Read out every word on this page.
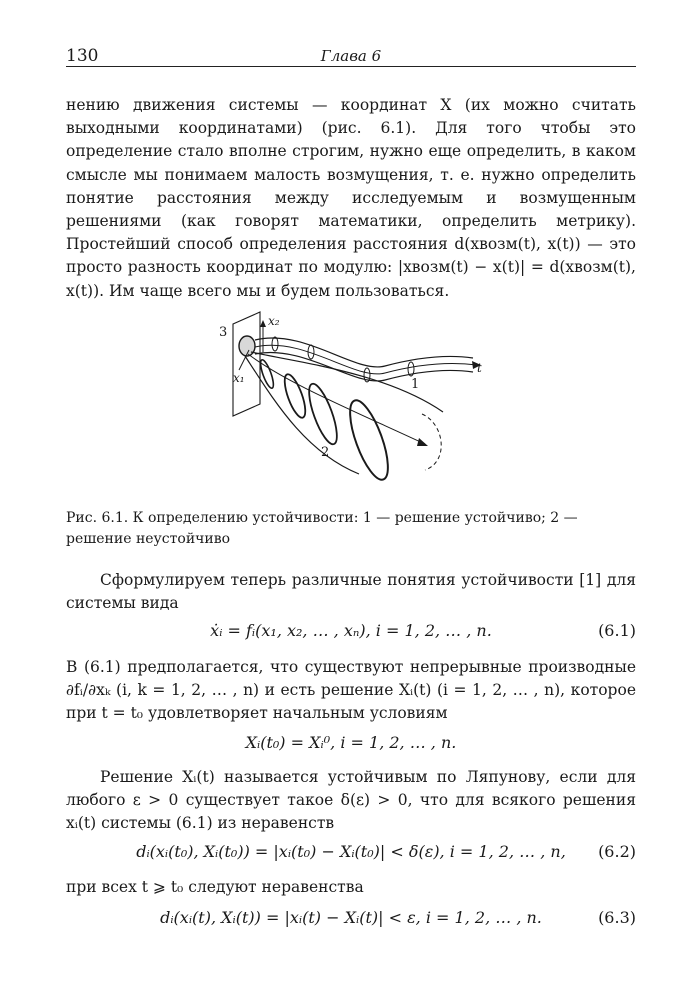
130	Глава 6

нению движения системы — координат X (их можно считать выходными координатами) (рис. 6.1). Для того чтобы это определение стало вполне строгим, нужно еще определить, в каком смысле мы понимаем малость возмущения, т. е. нужно определить понятие расстояния между исследуемым и возмущенным решениями (как говорят математики, определить метрику). Простейший способ определения расстояния d(xвозм(t), x(t)) — это просто разность координат по модулю: |xвозм(t) − x(t)| = d(xвозм(t), x(t)). Им чаще всего мы и будем пользоваться.

3
x₂
x₁
t
1
2

Рис. 6.1. К определению устойчивости: 1 — решение устойчиво; 2 — решение неустойчиво

Сформулируем теперь различные понятия устойчивости [1] для системы вида

ẋᵢ = fᵢ(x₁, x₂, … , xₙ), i = 1, 2, … , n.	(6.1)

В (6.1) предполагается, что существуют непрерывные производные ∂fᵢ/∂xₖ (i, k = 1, 2, … , n) и есть решение Xᵢ(t) (i = 1, 2, … , n), которое при t = t₀ удовлетворяет начальным условиям

Xᵢ(t₀) = Xᵢ⁰, i = 1, 2, … , n.

Решение Xᵢ(t) называется устойчивым по Ляпунову, если для любого ε > 0 существует такое δ(ε) > 0, что для всякого решения xᵢ(t) системы (6.1) из неравенств

dᵢ(xᵢ(t₀), Xᵢ(t₀)) = |xᵢ(t₀) − Xᵢ(t₀)| < δ(ε), i = 1, 2, … , n,	(6.2)

при всех t ⩾ t₀ следуют неравенства

dᵢ(xᵢ(t), Xᵢ(t)) = |xᵢ(t) − Xᵢ(t)| < ε, i = 1, 2, … , n.	(6.3)
